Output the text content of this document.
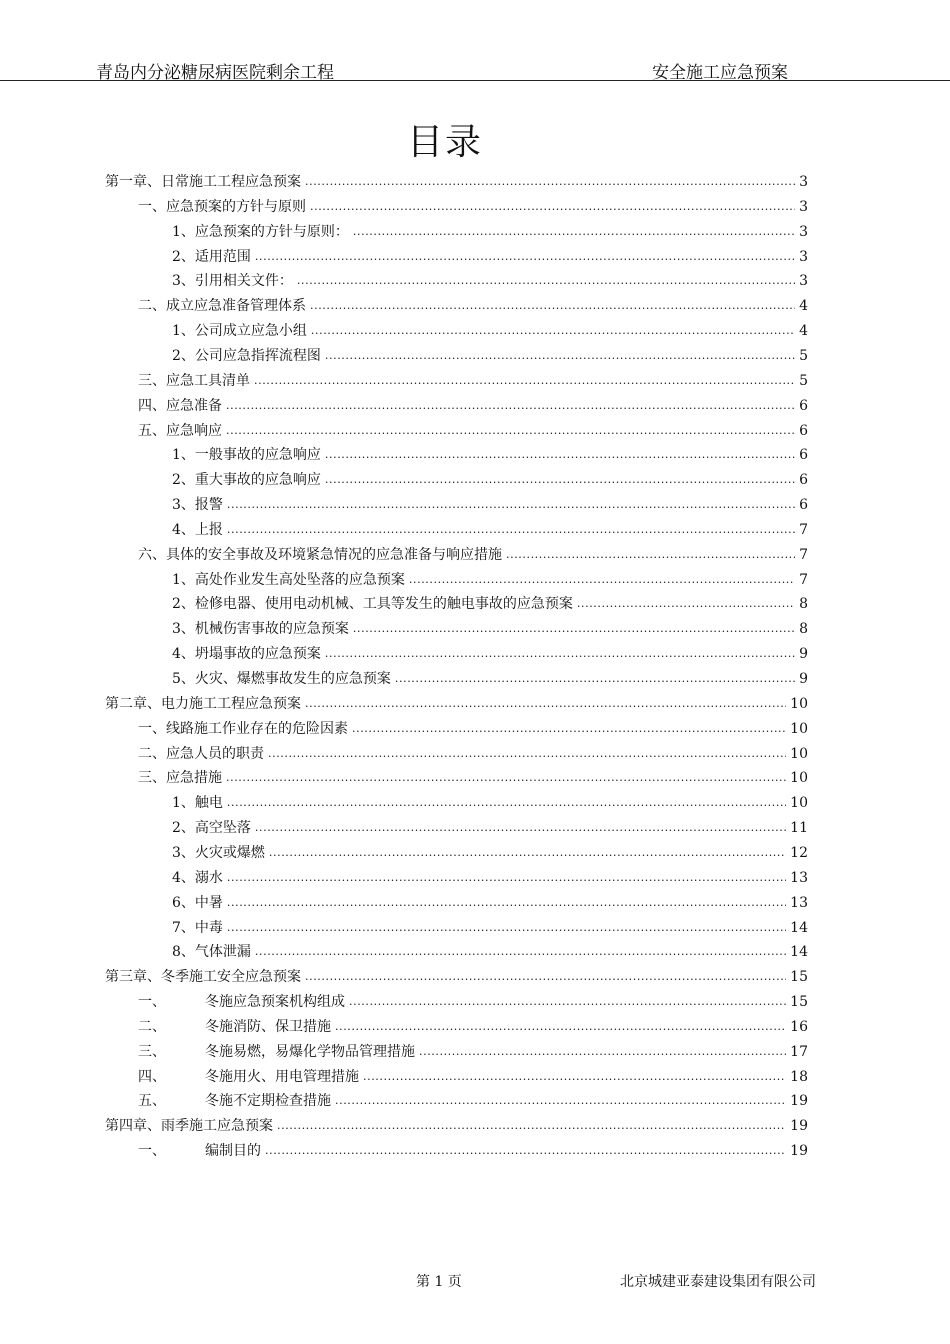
青岛内分泌糖尿病医院剩余工程	安全施工应急预案
目录
第一章、日常施工工程应急预案 .....	3
一、应急预案的方针与原则 .....	3
1、应急预案的方针与原则： .....	3
2、适用范围 .....	3
3、引用相关文件： .....	3
二、成立应急准备管理体系 .....	4
1、公司成立应急小组 .....	4
2、公司应急指挥流程图 .....	5
三、应急工具清单 .....	5
四、应急准备 .....	6
五、应急响应 .....	6
1、一般事故的应急响应 .....	6
2、重大事故的应急响应 .....	6
3、报警 .....	6
4、上报 .....	7
六、具体的安全事故及环境紧急情况的应急准备与响应措施 .....	7
1、高处作业发生高处坠落的应急预案 .....	7
2、检修电器、使用电动机械、工具等发生的触电事故的应急预案 .....	8
3、机械伤害事故的应急预案 .....	8
4、坍塌事故的应急预案 .....	9
5、火灾、爆燃事故发生的应急预案 .....	9
第二章、电力施工工程应急预案 .....	10
一、线路施工作业存在的危险因素 .....	10
二、应急人员的职责 .....	10
三、应急措施 .....	10
1、触电 .....	10
2、高空坠落 .....	11
3、火灾或爆燃 .....	12
4、溺水 .....	13
6、中暑 .....	13
7、中毒 .....	14
8、气体泄漏 .....	14
第三章、冬季施工安全应急预案 .....	15
一、	冬施应急预案机构组成 .....	15
二、	冬施消防、保卫措施 .....	16
三、	冬施易燃，易爆化学物品管理措施 .....	17
四、	冬施用火、用电管理措施 .....	18
五、	冬施不定期检查措施 .....	19
第四章、雨季施工应急预案 .....	19
一、	编制目的 .....	19
第 1 页	北京城建亚泰建设集团有限公司
